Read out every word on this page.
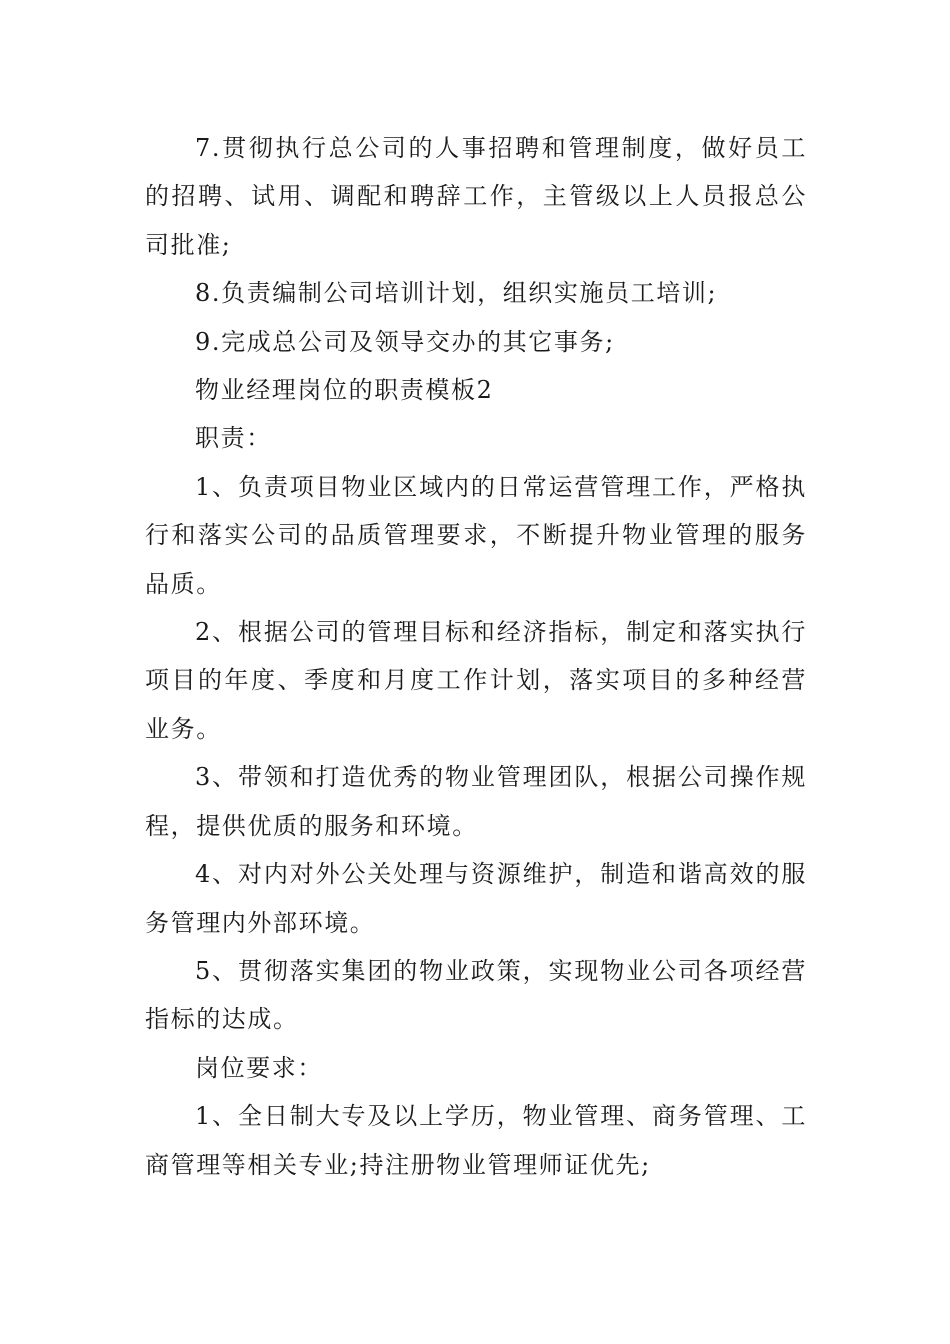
7.贯彻执行总公司的人事招聘和管理制度，做好员工的招聘、试用、调配和聘辞工作，主管级以上人员报总公司批准;

8.负责编制公司培训计划，组织实施员工培训;

9.完成总公司及领导交办的其它事务;

物业经理岗位的职责模板2

职责：

1、负责项目物业区域内的日常运营管理工作，严格执行和落实公司的品质管理要求，不断提升物业管理的服务品质。

2、根据公司的管理目标和经济指标，制定和落实执行项目的年度、季度和月度工作计划，落实项目的多种经营业务。

3、带领和打造优秀的物业管理团队，根据公司操作规程，提供优质的服务和环境。

4、对内对外公关处理与资源维护，制造和谐高效的服务管理内外部环境。

5、贯彻落实集团的物业政策，实现物业公司各项经营指标的达成。

岗位要求：

1、全日制大专及以上学历，物业管理、商务管理、工商管理等相关专业;持注册物业管理师证优先;
